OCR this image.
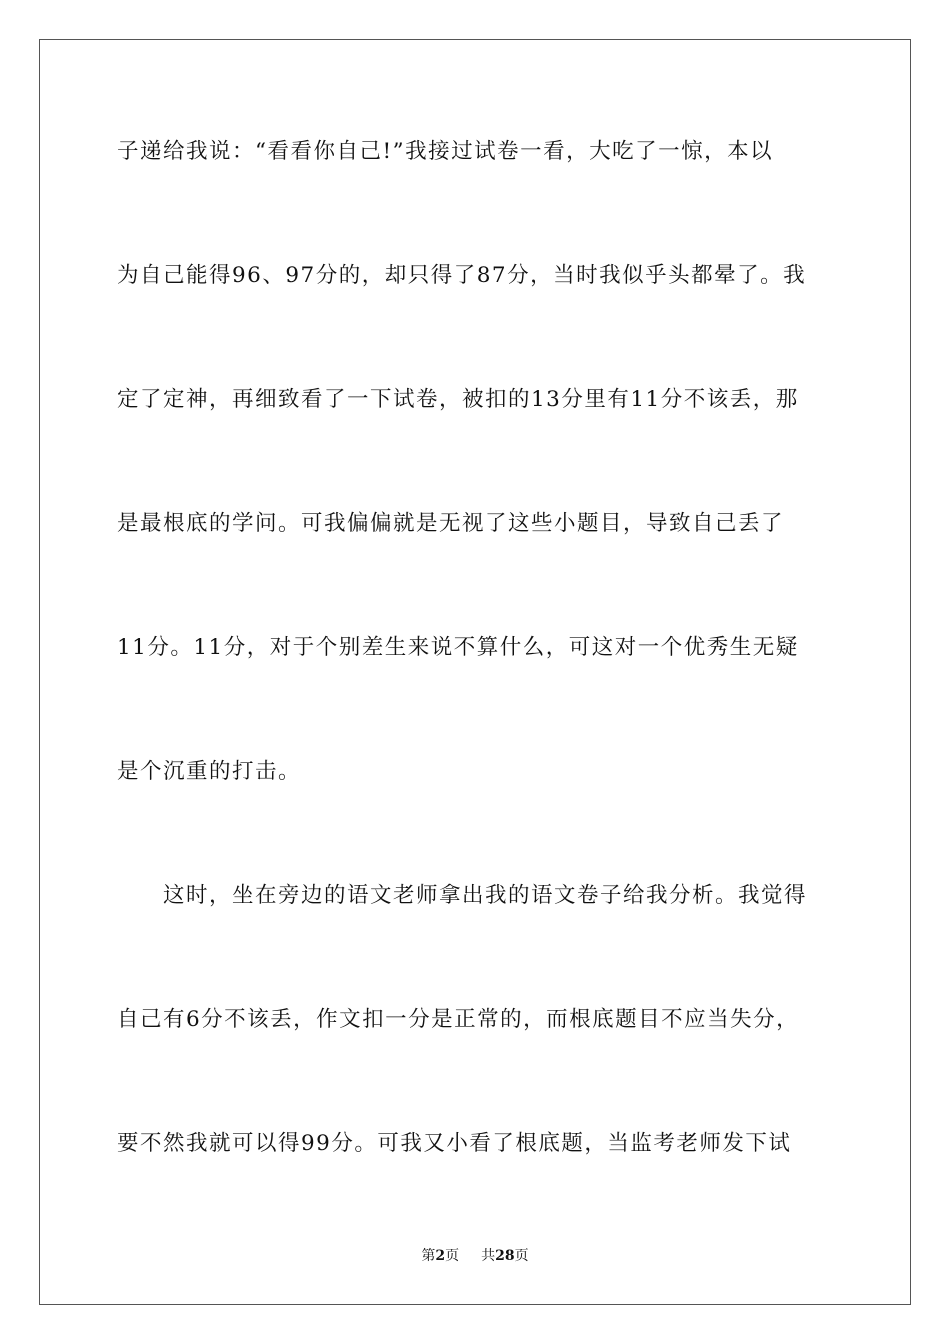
子递给我说：“看看你自己!”我接过试卷一看，大吃了一惊，本以
为自己能得96、97分的，却只得了87分，当时我似乎头都晕了。我
定了定神，再细致看了一下试卷，被扣的13分里有11分不该丢，那
是最根底的学问。可我偏偏就是无视了这些小题目，导致自己丢了
11分。11分，对于个别差生来说不算什么，可这对一个优秀生无疑
是个沉重的打击。
这时，坐在旁边的语文老师拿出我的语文卷子给我分析。我觉得
自己有6分不该丢，作文扣一分是正常的，而根底题目不应当失分，
要不然我就可以得99分。可我又小看了根底题，当监考老师发下试
第2页 共28页
